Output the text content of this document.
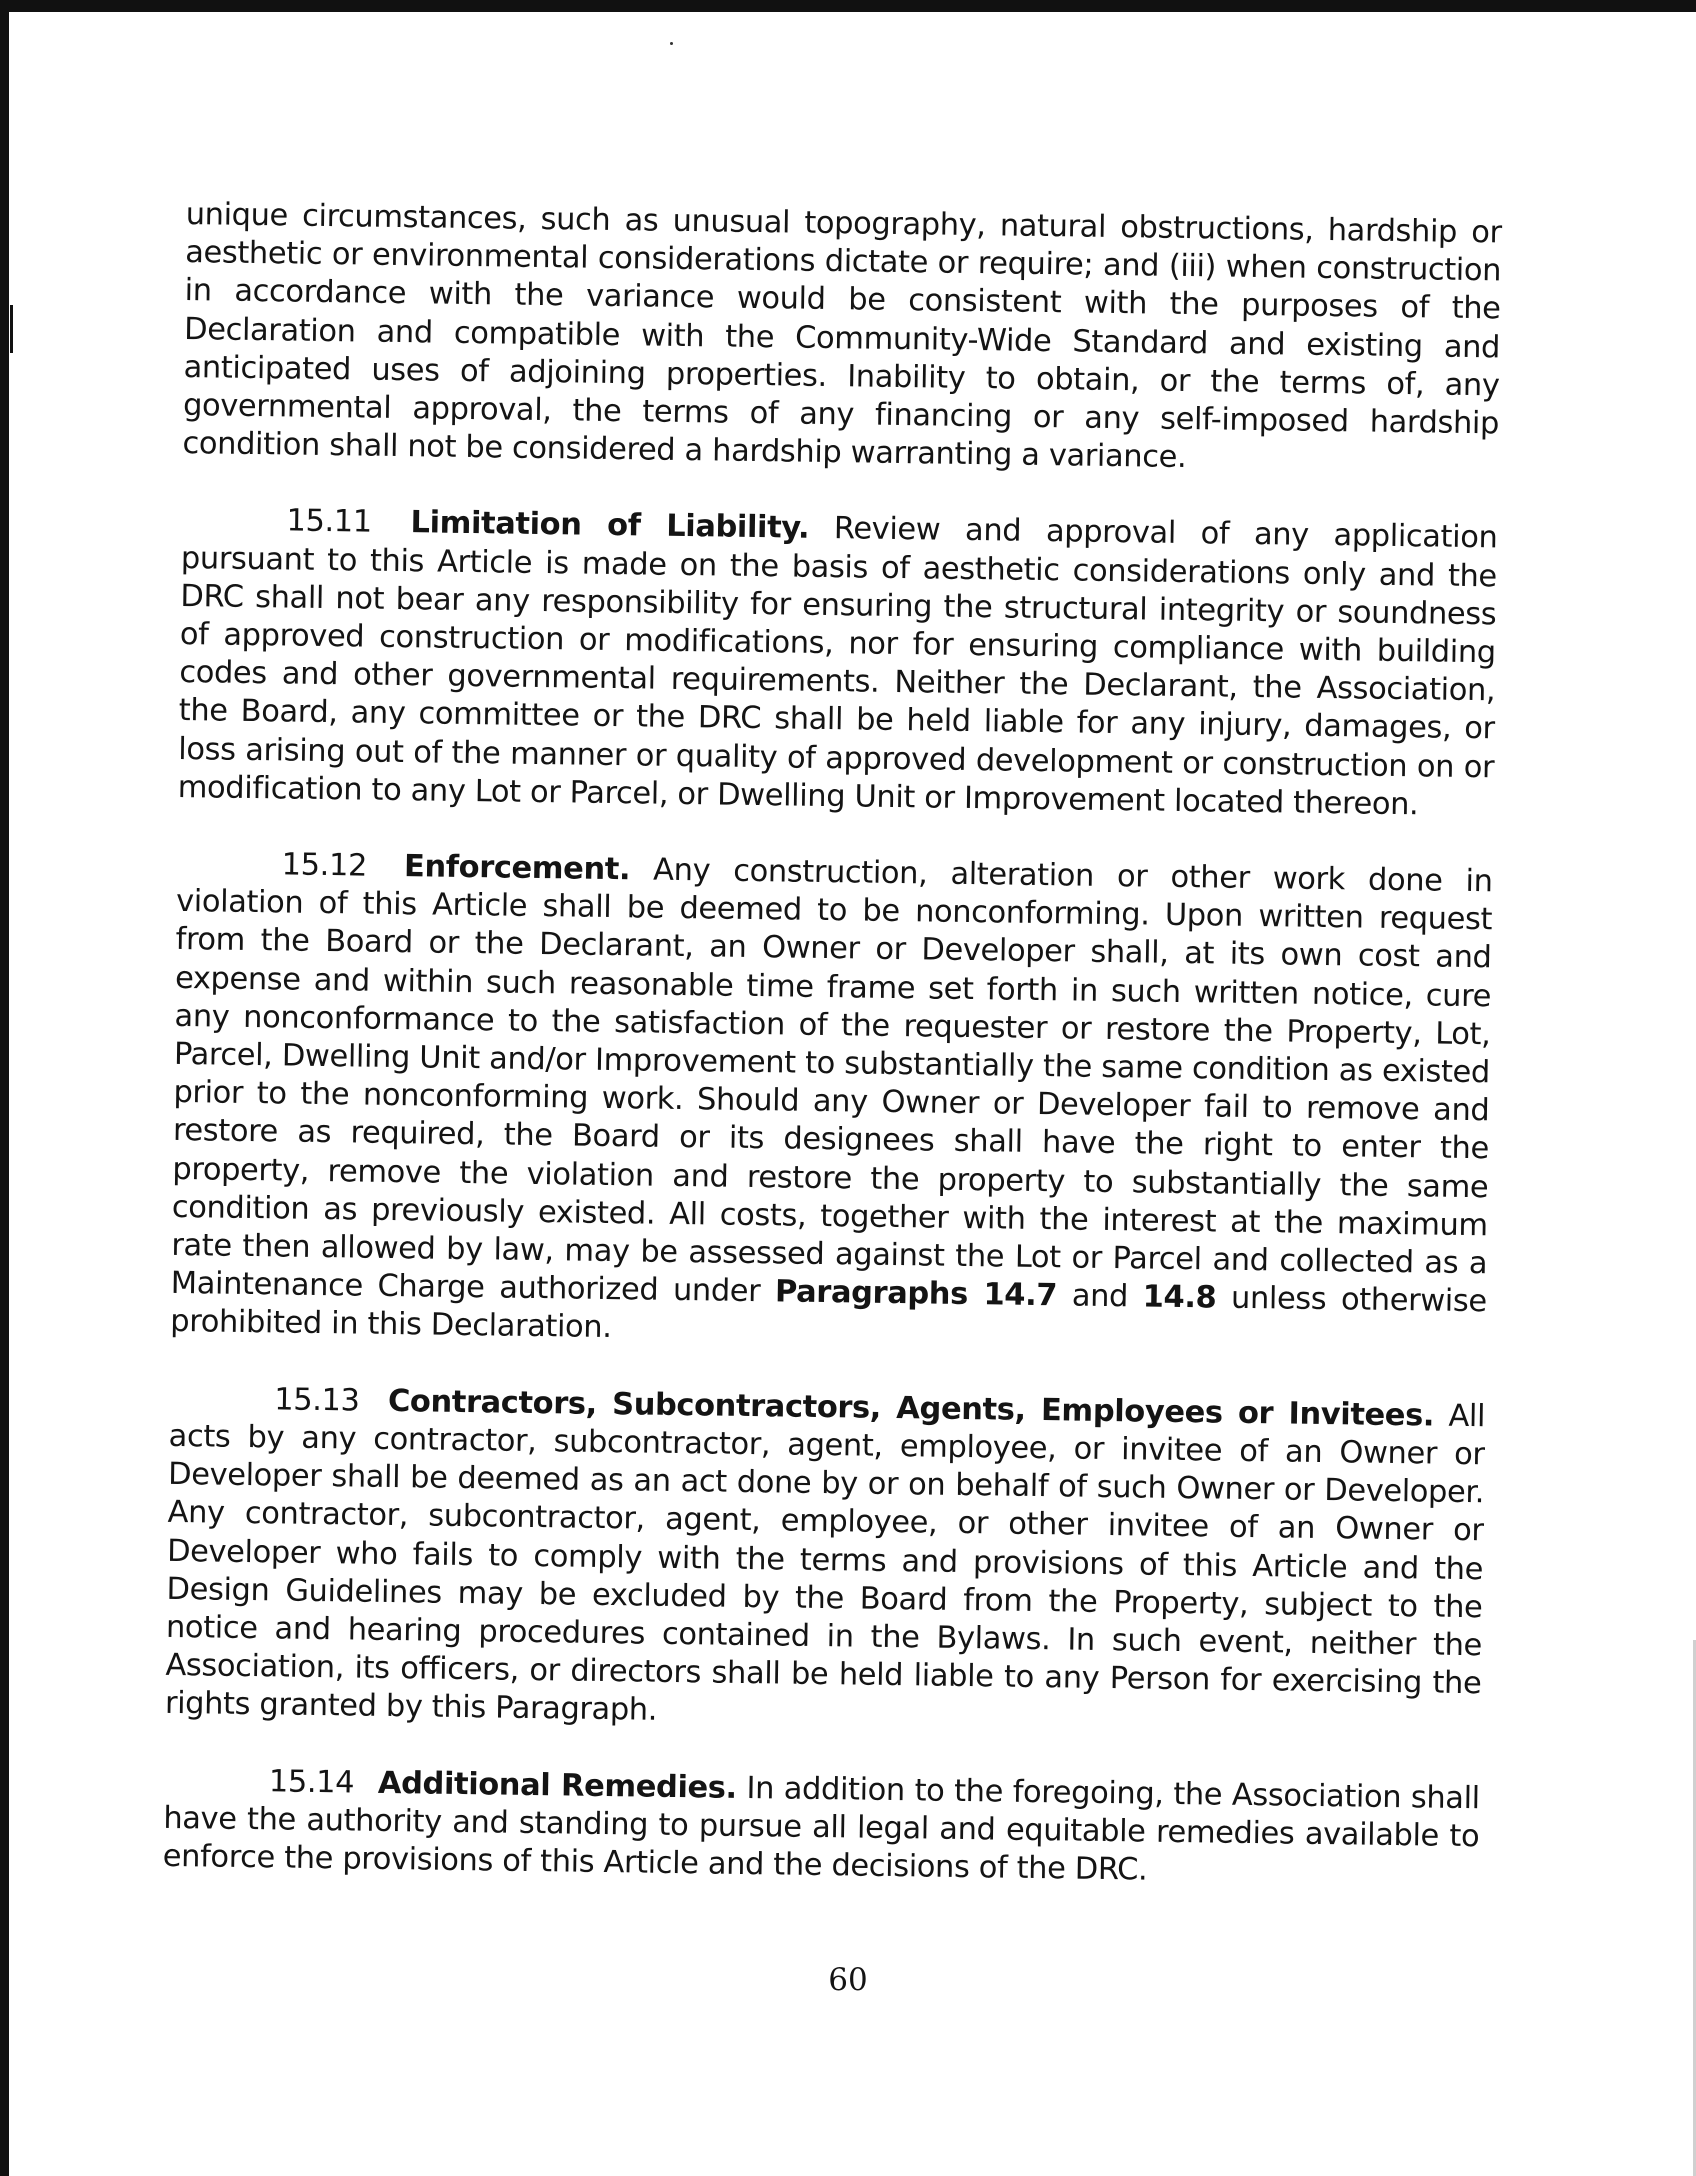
unique circumstances, such as unusual topography, natural obstructions, hardship or aesthetic or environmental considerations dictate or require; and (iii) when construction in accordance with the variance would be consistent with the purposes of the Declaration and compatible with the Community-Wide Standard and existing and anticipated uses of adjoining properties. Inability to obtain, or the terms of, any governmental approval, the terms of any financing or any self-imposed hardship condition shall not be considered a hardship warranting a variance.

15.11 Limitation of Liability. Review and approval of any application pursuant to this Article is made on the basis of aesthetic considerations only and the DRC shall not bear any responsibility for ensuring the structural integrity or soundness of approved construction or modifications, nor for ensuring compliance with building codes and other governmental requirements. Neither the Declarant, the Association, the Board, any committee or the DRC shall be held liable for any injury, damages, or loss arising out of the manner or quality of approved development or construction on or modification to any Lot or Parcel, or Dwelling Unit or Improvement located thereon.

15.12 Enforcement. Any construction, alteration or other work done in violation of this Article shall be deemed to be nonconforming. Upon written request from the Board or the Declarant, an Owner or Developer shall, at its own cost and expense and within such reasonable time frame set forth in such written notice, cure any nonconformance to the satisfaction of the requester or restore the Property, Lot, Parcel, Dwelling Unit and/or Improvement to substantially the same condition as existed prior to the nonconforming work. Should any Owner or Developer fail to remove and restore as required, the Board or its designees shall have the right to enter the property, remove the violation and restore the property to substantially the same condition as previously existed. All costs, together with the interest at the maximum rate then allowed by law, may be assessed against the Lot or Parcel and collected as a Maintenance Charge authorized under Paragraphs 14.7 and 14.8 unless otherwise prohibited in this Declaration.

15.13 Contractors, Subcontractors, Agents, Employees or Invitees. All acts by any contractor, subcontractor, agent, employee, or invitee of an Owner or Developer shall be deemed as an act done by or on behalf of such Owner or Developer. Any contractor, subcontractor, agent, employee, or other invitee of an Owner or Developer who fails to comply with the terms and provisions of this Article and the Design Guidelines may be excluded by the Board from the Property, subject to the notice and hearing procedures contained in the Bylaws. In such event, neither the Association, its officers, or directors shall be held liable to any Person for exercising the rights granted by this Paragraph.

15.14 Additional Remedies. In addition to the foregoing, the Association shall have the authority and standing to pursue all legal and equitable remedies available to enforce the provisions of this Article and the decisions of the DRC.

60
